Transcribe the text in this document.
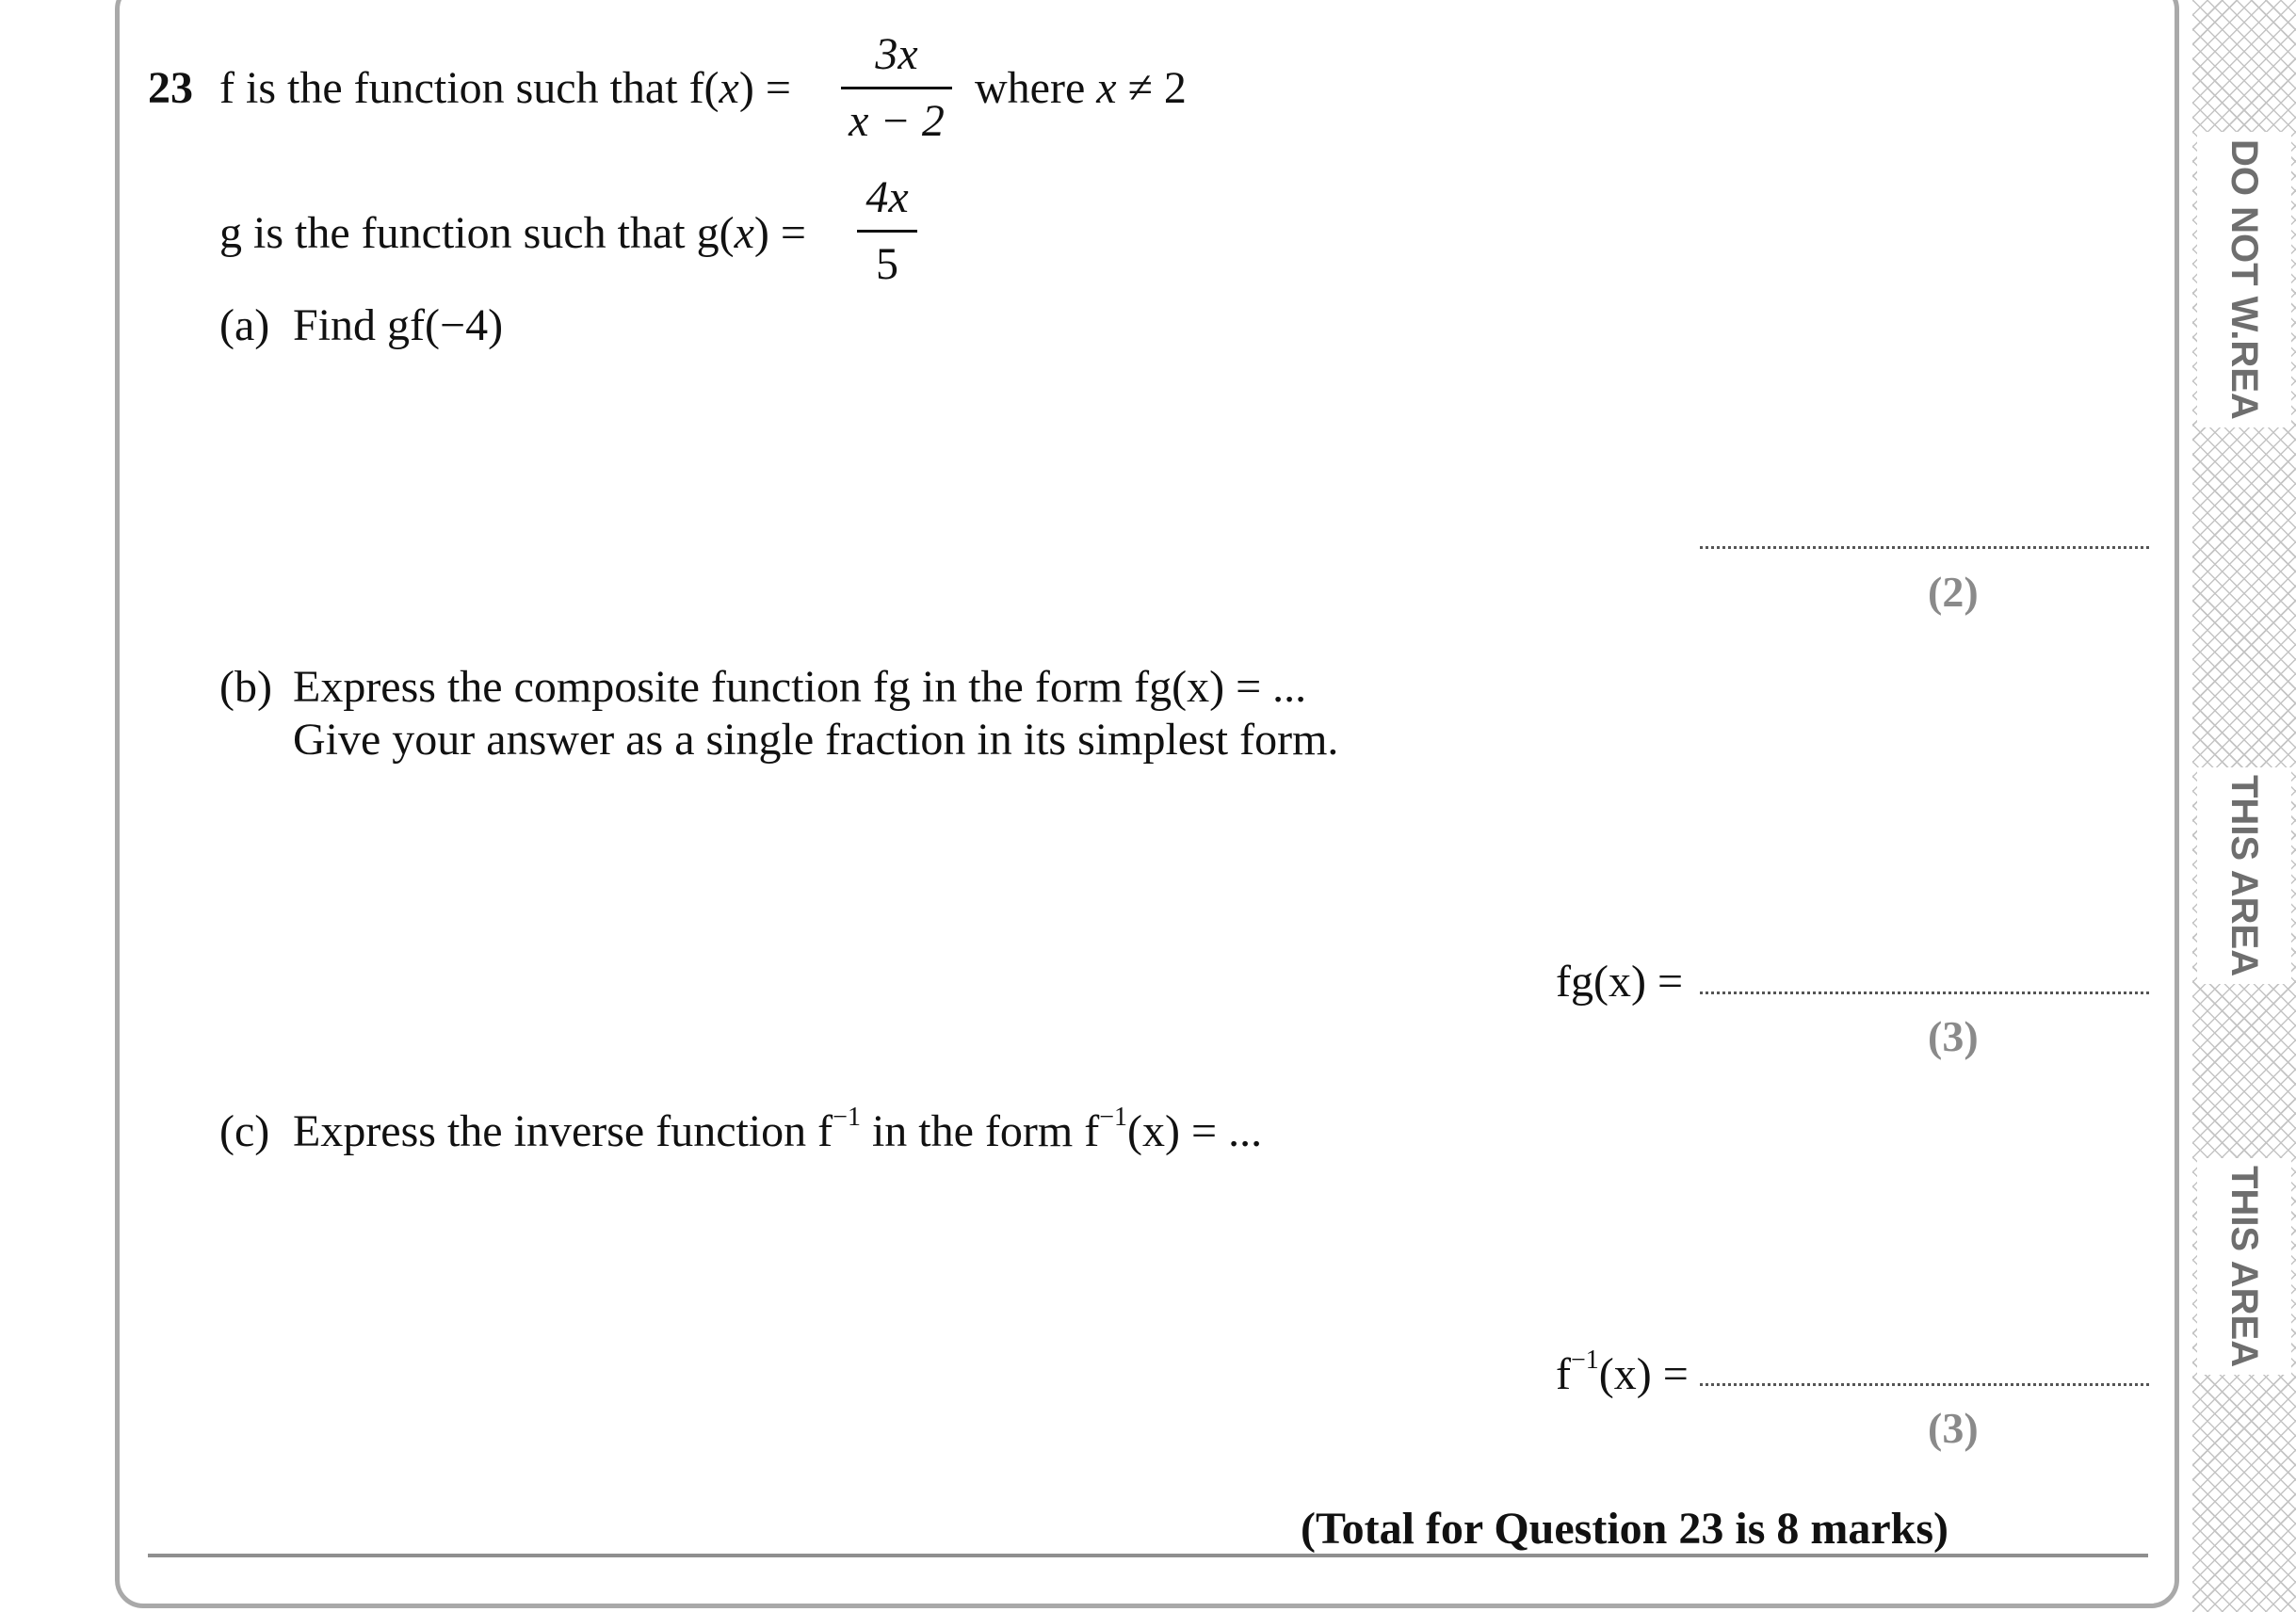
DO NOT W.REA
THIS AREA
THIS AREA
23 f is the function such that $f(x) = \frac{3x}{x - 2}$ where x ≠ 2
g is the function such that $g(x) = \frac{4x}{5}$
(a) Find gf(−4)
(2)
(b) Express the composite function fg in the form fg(x) = ...
Give your answer as a single fraction in its simplest form.
fg(x) =
(3)
(c) Express the inverse function $f^{-1}$ in the form $f^{-1}(x)$ = ...
$f^{-1}(x)$ =
(3)
(Total for Question 23 is 8 marks)
